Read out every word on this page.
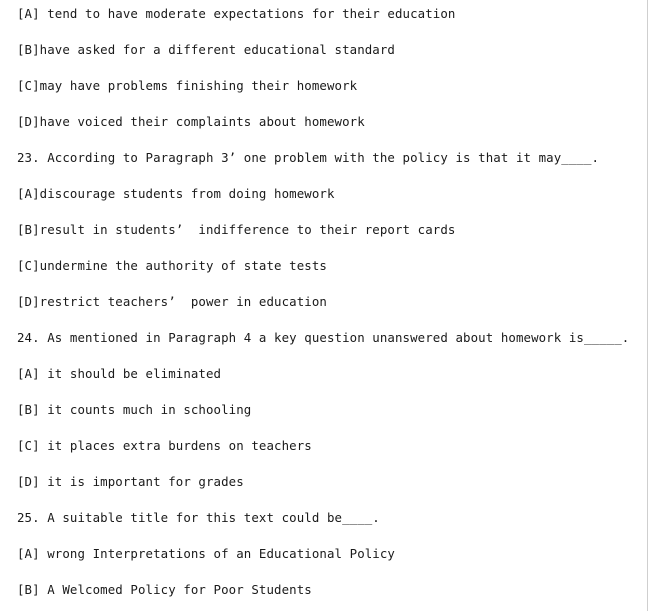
[A] tend to have moderate expectations for their education
[B]have asked for a different educational standard
[C]may have problems finishing their homework
[D]have voiced their complaints about homework
23. According to Paragraph 3’ one problem with the policy is that it may____.
[A]discourage students from doing homework
[B]result in students’  indifference to their report cards
[C]undermine the authority of state tests
[D]restrict teachers’  power in education
24. As mentioned in Paragraph 4 a key question unanswered about homework is_____.
[A] it should be eliminated
[B] it counts much in schooling
[C] it places extra burdens on teachers
[D] it is important for grades
25. A suitable title for this text could be____.
[A] wrong Interpretations of an Educational Policy
[B] A Welcomed Policy for Poor Students
